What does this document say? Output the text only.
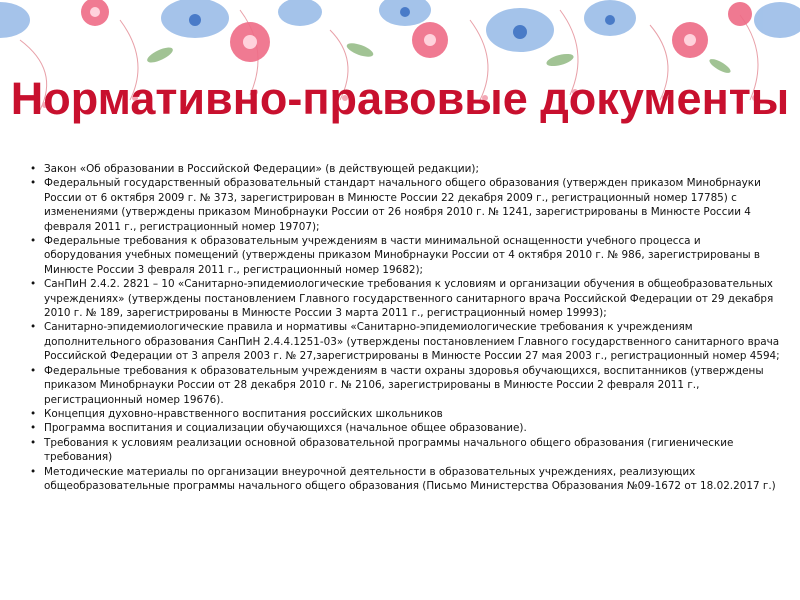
Нормативно-правовые документы
• Закон «Об образовании в Российской Федерации» (в действующей редакции);
• Федеральный государственный образовательный стандарт начального общего образования (утвержден приказом Минобрнауки России от 6 октября 2009 г. № 373, зарегистрирован в Минюсте России 22 декабря 2009 г., регистрационный номер 17785) с изменениями (утверждены приказом Минобрнауки России от 26 ноября 2010 г. № 1241, зарегистрированы в Минюсте России 4 февраля 2011 г., регистрационный номер 19707);
• Федеральные требования к образовательным учреждениям в части минимальной оснащенности учебного процесса и оборудования учебных помещений (утверждены приказом Минобрнауки России от 4 октября 2010 г. № 986, зарегистрированы в Минюсте России 3 февраля 2011 г., регистрационный номер 19682);
• СанПиН 2.4.2. 2821 – 10 «Санитарно-эпидемиологические требования к условиям и организации обучения в общеобразовательных учреждениях» (утверждены постановлением Главного государственного санитарного врача Российской Федерации от 29 декабря 2010 г. № 189, зарегистрированы в Минюсте России 3 марта 2011 г., регистрационный номер 19993);
• Санитарно-эпидемиологические правила и нормативы «Санитарно-эпидемиологические требования к учреждениям дополнительного образования СанПиН 2.4.4.1251-03» (утверждены постановлением Главного государственного санитарного врача Российской Федерации от 3 апреля 2003 г. № 27,зарегистрированы в Минюсте России 27 мая 2003 г., регистрационный номер 4594;
• Федеральные требования к образовательным учреждениям в части охраны здоровья обучающихся, воспитанников (утверждены приказом Минобрнауки России от 28 декабря 2010 г. № 2106, зарегистрированы в Минюсте России 2 февраля 2011 г., регистрационный номер 19676).
• Концепция духовно-нравственного воспитания российских школьников
• Программа воспитания и социализации обучающихся (начальное общее образование).
• Требования к условиям реализации основной образовательной программы начального общего образования (гигиенические требования)
• Методические материалы по организации внеурочной деятельности в образовательных учреждениях, реализующих общеобразовательные программы начального общего образования (Письмо Министерства Образования №09-1672 от 18.02.2017 г.)
